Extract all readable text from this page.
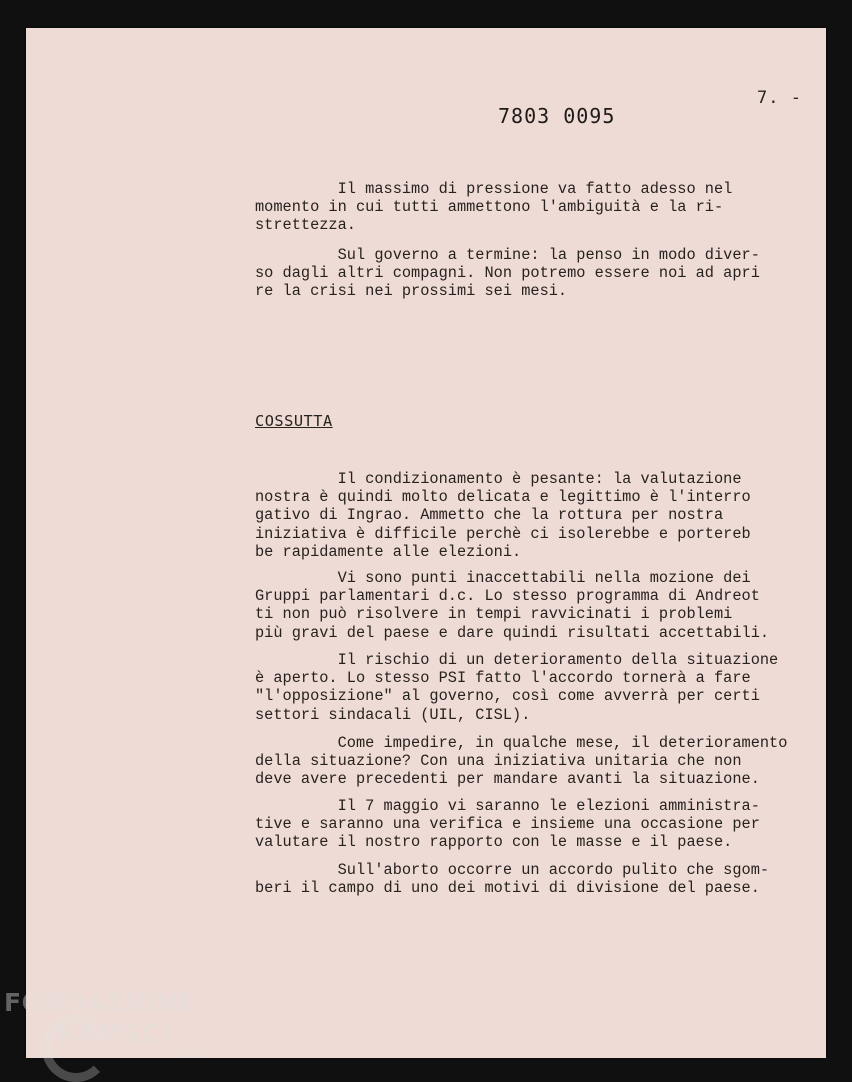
7. -
7803 0095
Il massimo di pressione va fatto adesso nel
momento in cui tutti ammettono l'ambiguità e la ri-
strettezza.
Sul governo a termine: la penso in modo diver-
so dagli altri compagni. Non potremo essere noi ad apri
re la crisi nei prossimi sei mesi.
COSSUTTA
Il condizionamento è pesante: la valutazione
nostra è quindi molto delicata e legittimo è l'interro
gativo di Ingrao. Ammetto che la rottura per nostra
iniziativa è difficile perchè ci isolerebbe e portereb
be rapidamente alle elezioni.
Vi sono punti inaccettabili nella mozione dei
Gruppi parlamentari d.c. Lo stesso programma di Andreot
ti non può risolvere in tempi ravvicinati i problemi
più gravi del paese e dare quindi risultati accettabili.
Il rischio di un deterioramento della situazione
è aperto. Lo stesso PSI fatto l'accordo tornerà a fare
"l'opposizione" al governo, così come avverrà per certi
settori sindacali (UIL, CISL).
Come impedire, in qualche mese, il deterioramento
della situazione? Con una iniziativa unitaria che non
deve avere precedenti per mandare avanti la situazione.
Il 7 maggio vi saranno le elezioni amministra-
tive e saranno una verifica e insieme una occasione per
valutare il nostro rapporto con le masse e il paese.
Sull'aborto occorre un accordo pulito che sgom-
beri il campo di uno dei motivi di divisione del paese.
FONDAZIONE
RAMSCI
onlus
